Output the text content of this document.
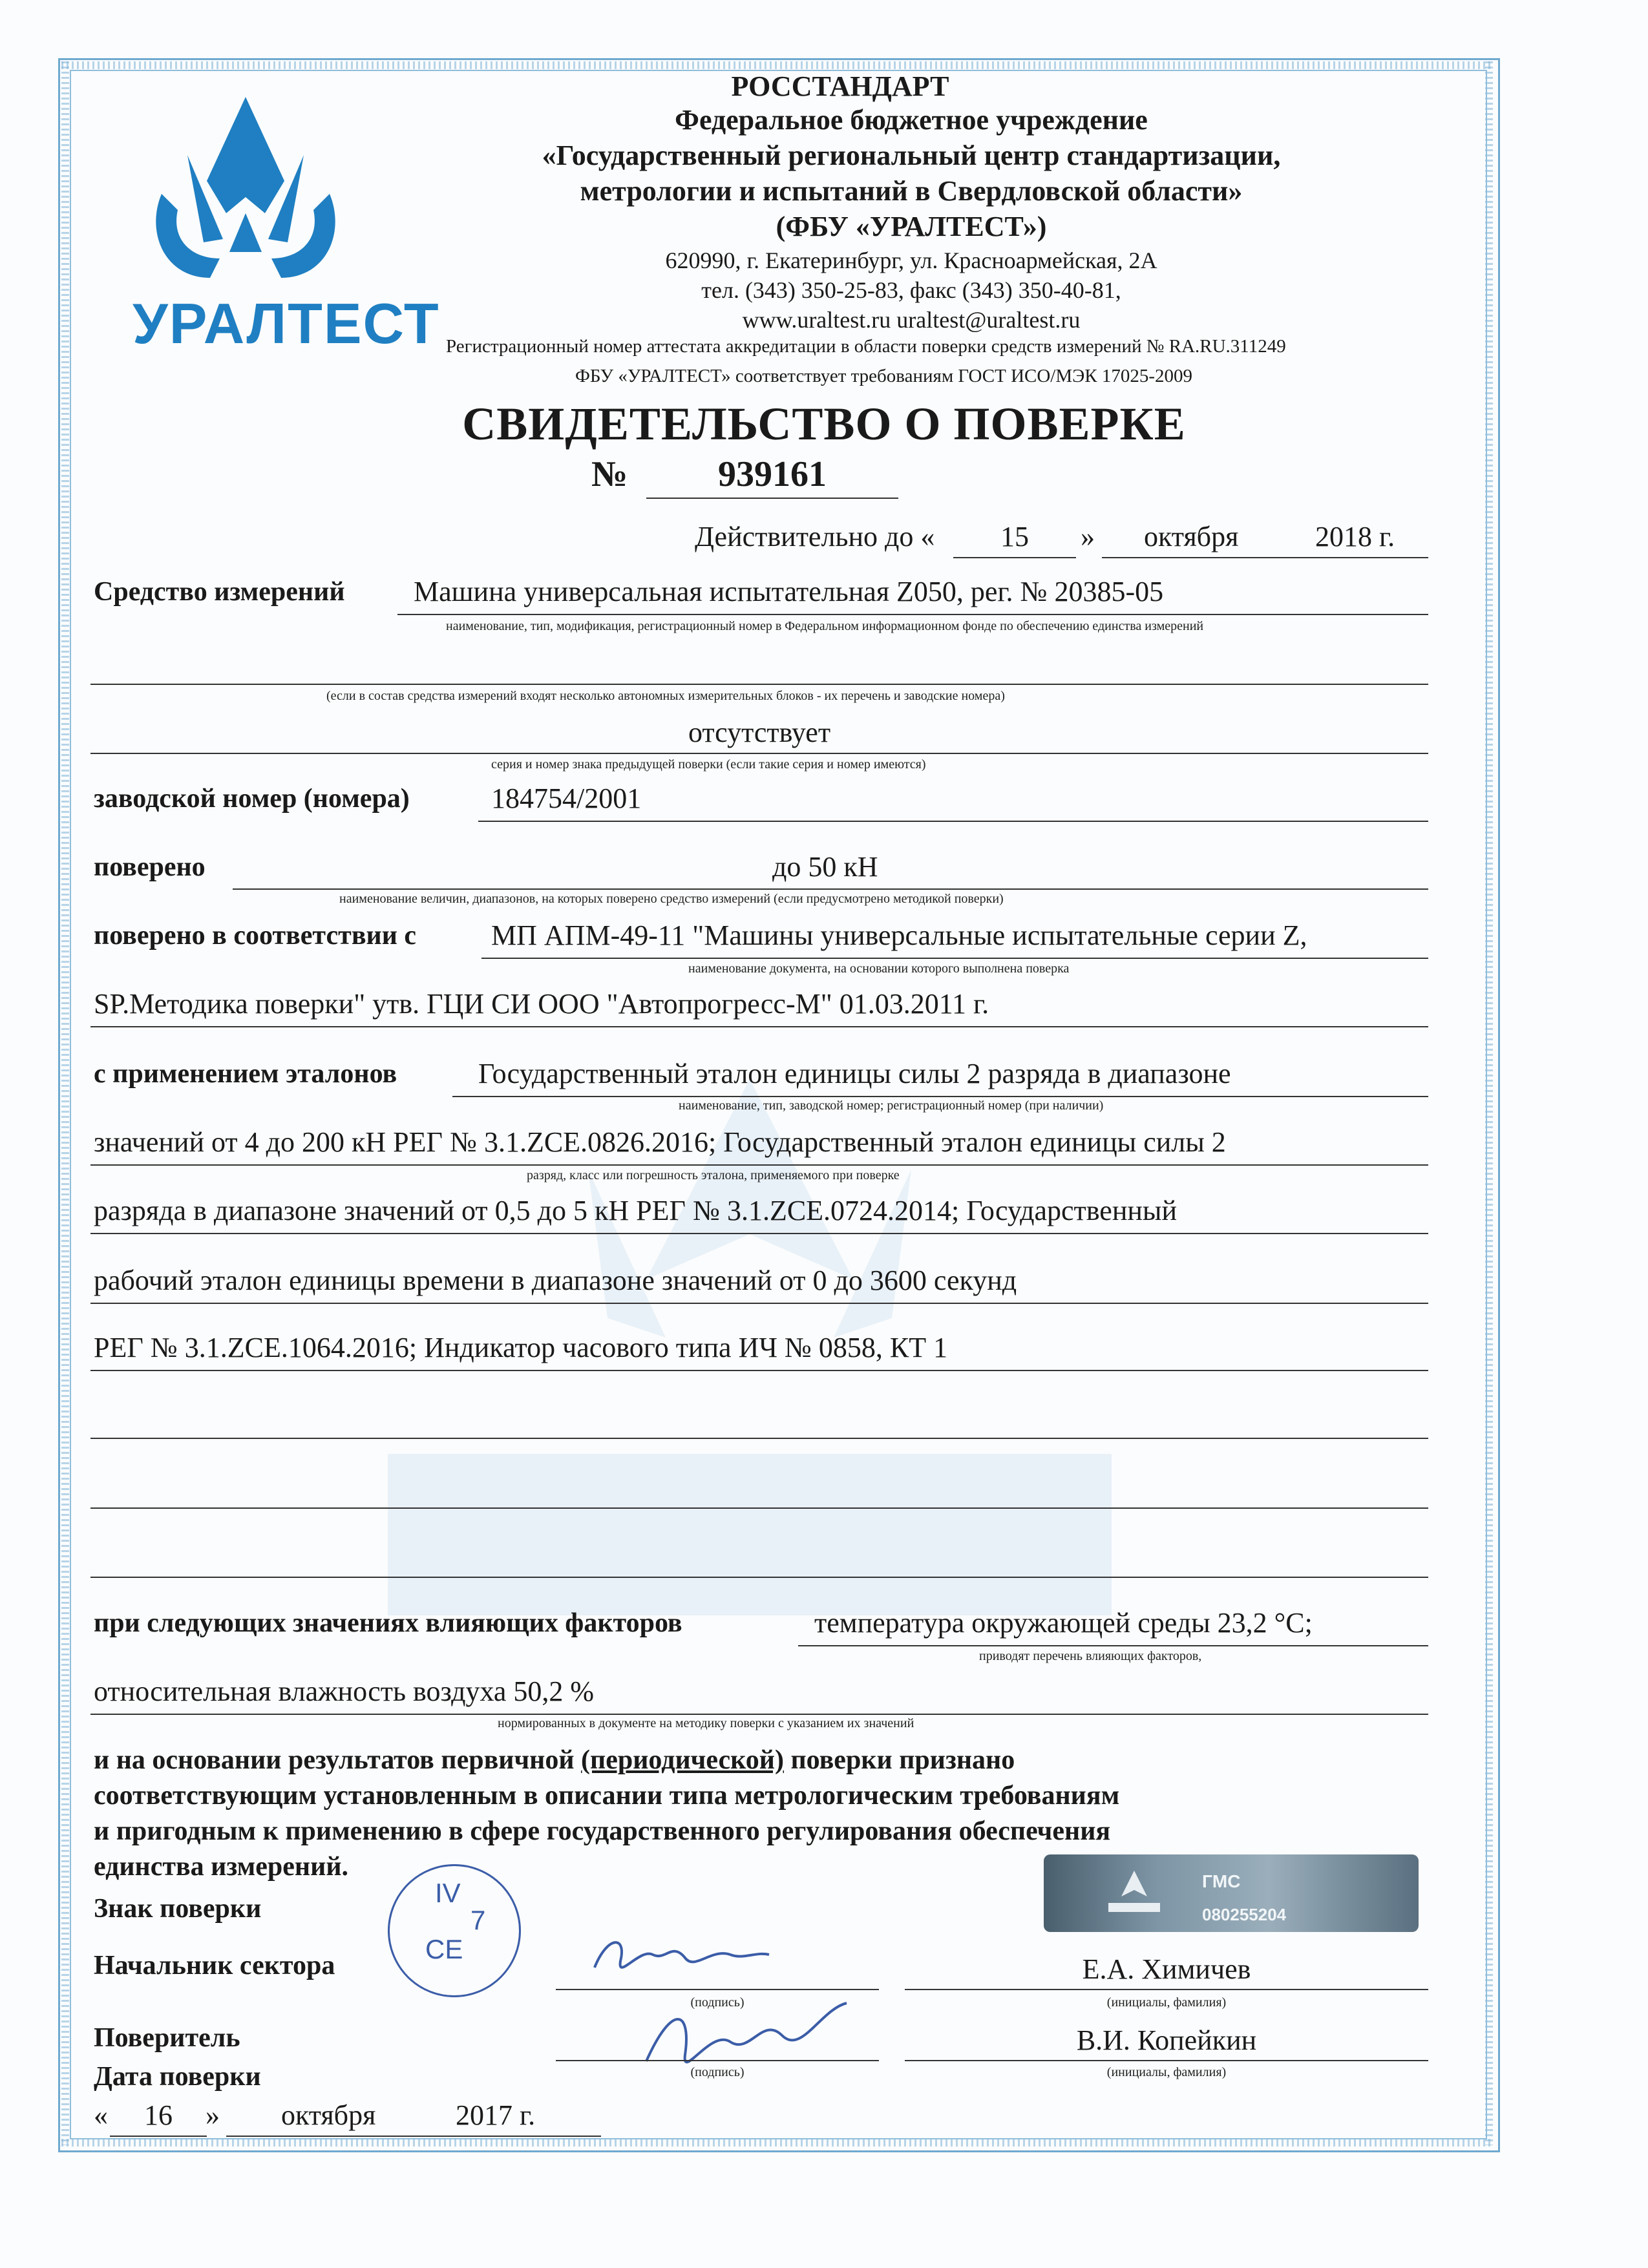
УРАЛТЕСТ
РОССТАНДАРТ
Федеральное бюджетное учреждение
«Государственный региональный центр стандартизации,
метрологии и испытаний в Свердловской области»
(ФБУ «УРАЛТЕСТ»)
620990, г. Екатеринбург, ул. Красноармейская, 2А
тел. (343) 350-25-83, факс (343) 350-40-81,
www.uraltest.ru uraltest@uraltest.ru
Регистрационный номер аттестата аккредитации в области поверки средств измерений № RA.RU.311249
ФБУ «УРАЛТЕСТ» соответствует требованиям ГОСТ ИСО/МЭК 17025-2009
СВИДЕТЕЛЬСТВО О ПОВЕРКЕ
№	939161
Действительно до «	15	» октября	2018 г.
Средство измерений Машина универсальная испытательная Z050, рег. № 20385-05
наименование, тип, модификация, регистрационный номер в Федеральном информационном фонде по обеспечению единства измерений
(если в состав средства измерений входят несколько автономных измерительных блоков - их перечень и заводские номера)
отсутствует
серия и номер знака предыдущей поверки (если такие серия и номер имеются)
заводской номер (номера)	184754/2001
поверено	до 50 кН
наименование величин, диапазонов, на которых поверено средство измерений (если предусмотрено методикой поверки)
поверено в соответствии с	МП АПМ-49-11 "Машины универсальные испытательные серии Z,
наименование документа, на основании которого выполнена поверка
SP.Методика поверки" утв. ГЦИ СИ ООО "Автопрогресс-М" 01.03.2011 г.
с применением эталонов	Государственный эталон единицы силы 2 разряда в диапазоне
наименование, тип, заводской номер; регистрационный номер (при наличии)
значений от 4 до 200 кН РЕГ № 3.1.ZCE.0826.2016; Государственный эталон единицы силы 2
разряд, класс или погрешность эталона, применяемого при поверке
разряда в диапазоне значений от 0,5 до 5 кН РЕГ № 3.1.ZCE.0724.2014; Государственный
рабочий эталон единицы времени в диапазоне значений от 0 до 3600 секунд
РЕГ № 3.1.ZCE.1064.2016; Индикатор часового типа ИЧ № 0858, КТ 1
при следующих значениях влияющих факторов	температура окружающей среды 23,2 °С;
приводят перечень влияющих факторов,
относительная влажность воздуха 50,2 %
нормированных в документе на методику поверки с указанием их значений
и на основании результатов первичной (периодической) поверки признано
соответствующим установленным в описании типа метрологическим требованиям
и пригодным к применению в сфере государственного регулирования обеспечения
единства измерений.
Знак поверки
IV
7
CE
ГМС
080255204
Начальник сектора
(подпись)
Е.А. Химичев
(инициалы, фамилия)
Поверитель
(подпись)
В.И. Копейкин
(инициалы, фамилия)
Дата поверки
«	16	» октября	2017 г.
